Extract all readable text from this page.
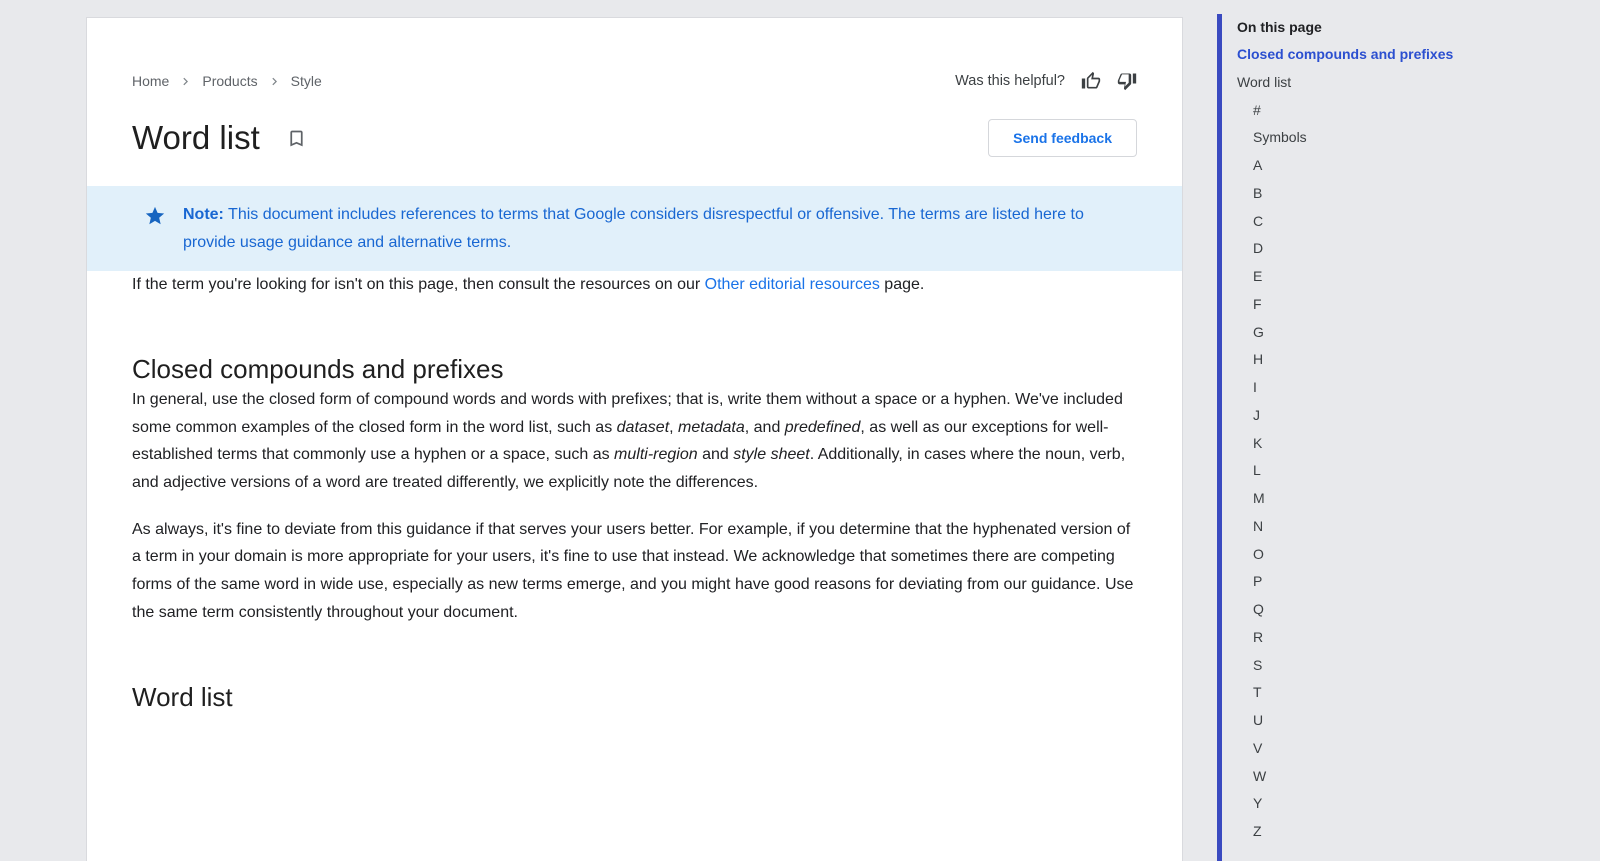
Home Products Style	Was this helpful?
Word list	Send feedback

Note: This document includes references to terms that Google considers disrespectful or offensive. The terms are listed here to provide usage guidance and alternative terms.

If the term you're looking for isn't on this page, then consult the resources on our Other editorial resources page.

Closed compounds and prefixes

In general, use the closed form of compound words and words with prefixes; that is, write them without a space or a hyphen. We've included some common examples of the closed form in the word list, such as dataset, metadata, and predefined, as well as our exceptions for well-established terms that commonly use a hyphen or a space, such as multi-region and style sheet. Additionally, in cases where the noun, verb, and adjective versions of a word are treated differently, we explicitly note the differences.

As always, it's fine to deviate from this guidance if that serves your users better. For example, if you determine that the hyphenated version of a term in your domain is more appropriate for your users, it's fine to use that instead. We acknowledge that sometimes there are competing forms of the same word in wide use, especially as new terms emerge, and you might have good reasons for deviating from our guidance. Use the same term consistently throughout your document.

Word list
On this page
Closed compounds and prefixes
Word list
#
Symbols
A
B
C
D
E
F
G
H
I
J
K
L
M
N
O
P
Q
R
S
T
U
V
W
Y
Z
